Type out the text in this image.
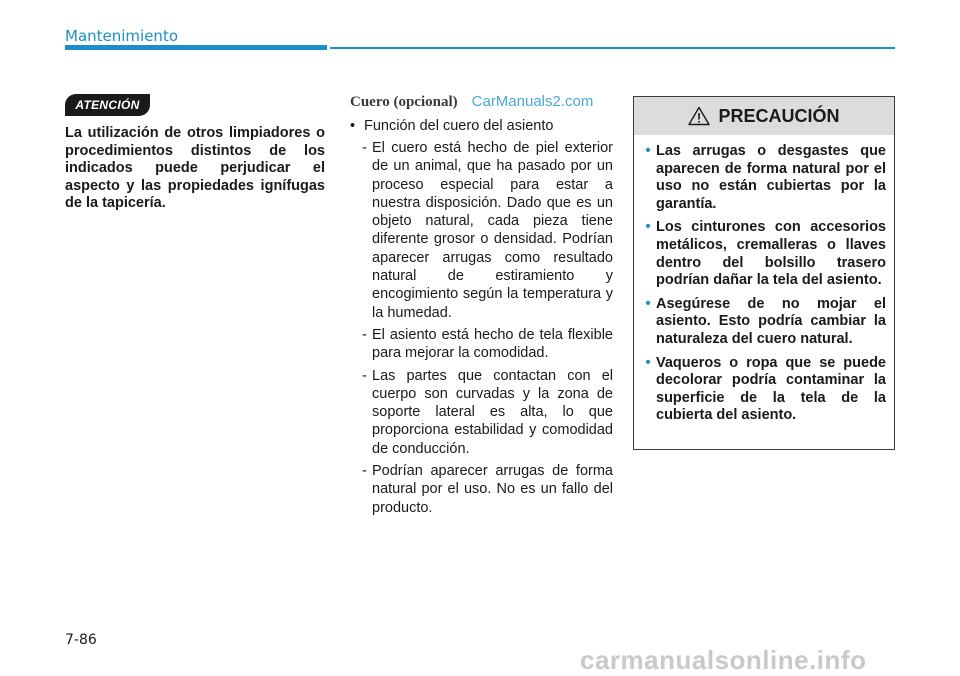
Mantenimiento
ATENCIÓN
La utilización de otros limpiadores o procedimientos distintos de los indicados puede perjudicar el aspecto y las propiedades ignífugas de la tapicería.
Cuero (opcional) CarManuals2.com
• Función del cuero del asiento
- El cuero está hecho de piel exterior de un animal, que ha pasado por un proceso especial para estar a nuestra disposición. Dado que es un objeto natural, cada pieza tiene diferente grosor o densidad. Podrían aparecer arrugas como resultado natural de estiramiento y encogimiento según la temperatura y la humedad.
- El asiento está hecho de tela flexible para mejorar la comodidad.
- Las partes que contactan con el cuerpo son curvadas y la zona de soporte lateral es alta, lo que proporciona estabilidad y comodidad de conducción.
- Podrían aparecer arrugas de forma natural por el uso. No es un fallo del producto.
PRECAUCIÓN
• Las arrugas o desgastes que aparecen de forma natural por el uso no están cubiertas por la garantía.
• Los cinturones con accesorios metálicos, cremalleras o llaves dentro del bolsillo trasero podrían dañar la tela del asiento.
• Asegúrese de no mojar el asiento. Esto podría cambiar la naturaleza del cuero natural.
• Vaqueros o ropa que se puede decolorar podría contaminar la superficie de la tela de la cubierta del asiento.
7-86
carmanualsonline.info
